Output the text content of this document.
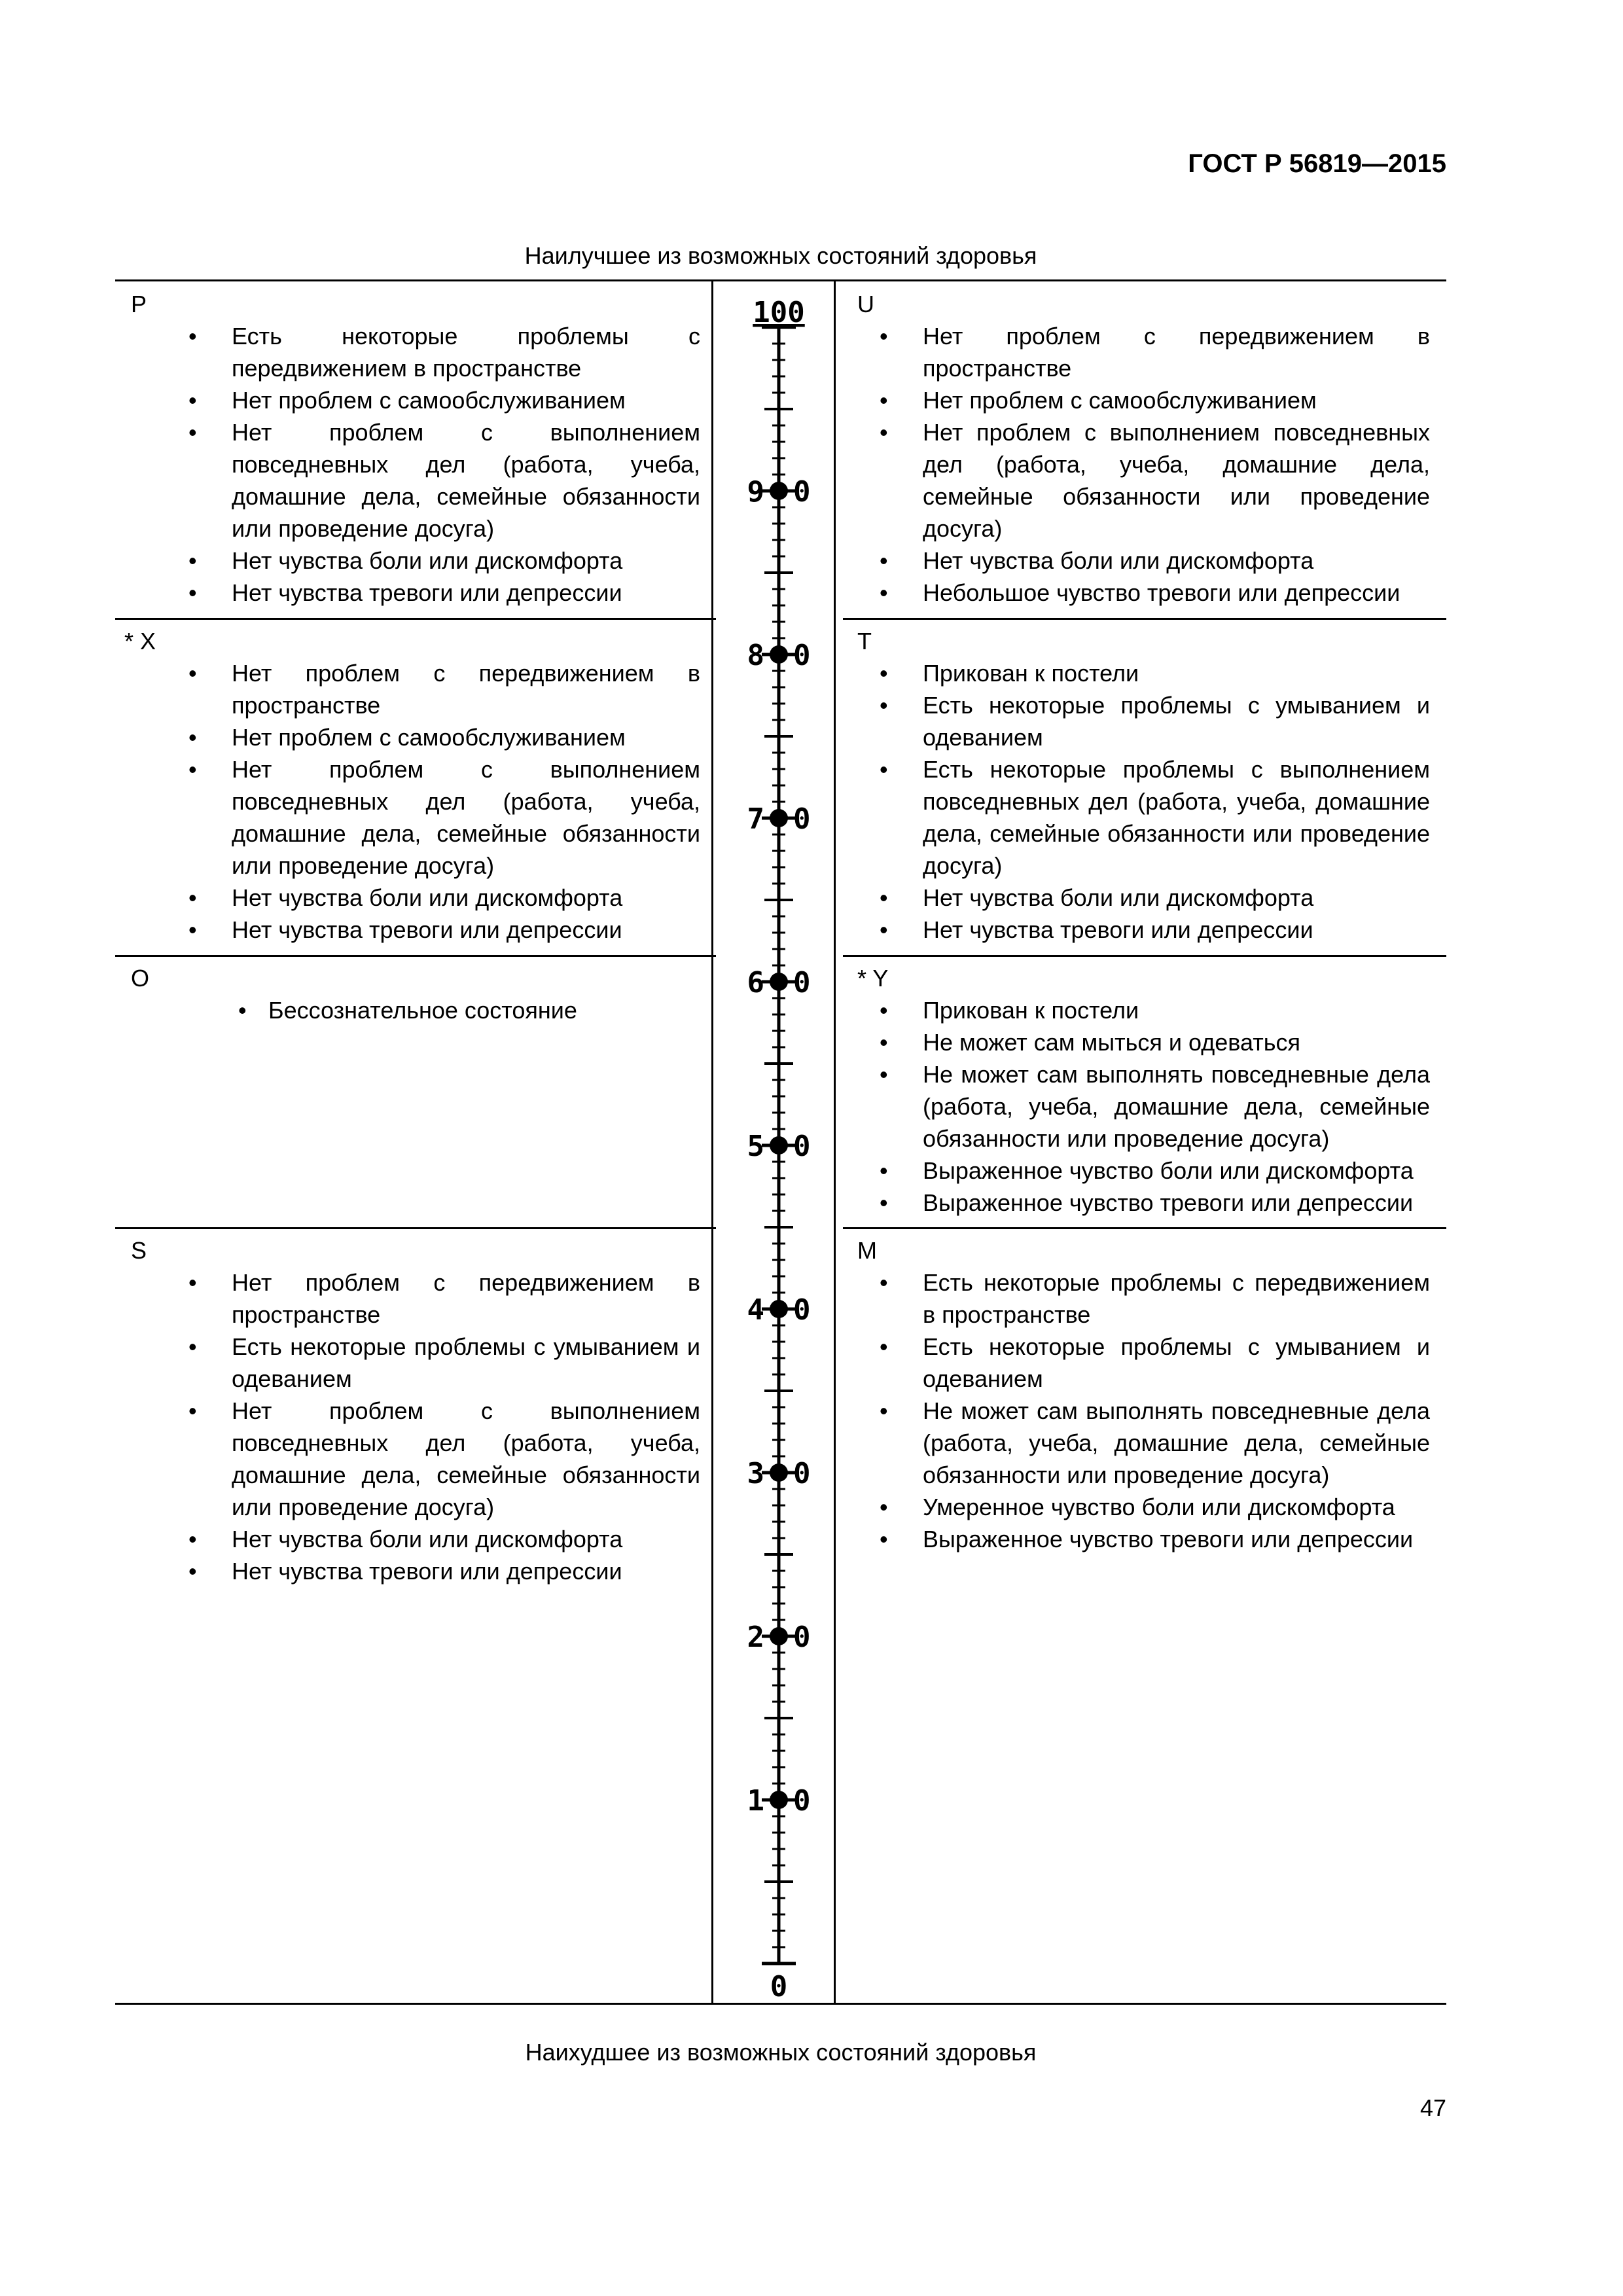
ГОСТ Р 56819—2015
Наилучшее из возможных состояний здоровья
P
• Есть некоторые проблемы с передвижением в пространстве
• Нет проблем с самообслуживанием
• Нет проблем с выполнением повседневных дел (работа, учеба, домашние дела, семейные обязанности или проведение досуга)
• Нет чувства боли или дискомфорта
• Нет чувства тревоги или депрессии
U
• Нет проблем с передвижением в пространстве
• Нет проблем с самообслуживанием
• Нет проблем с выполнением повседневных дел (работа, учеба, домашние дела, семейные обязанности или проведение досуга)
• Нет чувства боли или дискомфорта
• Небольшое чувство тревоги или депрессии
* X
• Нет проблем с передвижением в пространстве
• Нет проблем с самообслуживанием
• Нет проблем с выполнением повседневных дел (работа, учеба, домашние дела, семейные обязанности или проведение досуга)
• Нет чувства боли или дискомфорта
• Нет чувства тревоги или депрессии
T
• Прикован к постели
• Есть некоторые проблемы с умыванием и одеванием
• Есть некоторые проблемы с выполнением повседневных дел (работа, учеба, домашние дела, семейные обязанности или проведение досуга)
• Нет чувства боли или дискомфорта
• Нет чувства тревоги или депрессии
O
• Бессознательное состояние
* Y
• Прикован к постели
• Не может сам мыться и одеваться
• Не может сам выполнять повседневные дела (работа, учеба, домашние дела, семейные обязанности или проведение досуга)
• Выраженное чувство боли или дискомфорта
• Выраженное чувство тревоги или депрессии
S
• Нет проблем с передвижением в пространстве
• Есть некоторые проблемы с умыванием и одеванием
• Нет проблем с выполнением повседневных дел (работа, учеба, домашние дела, семейные обязанности или проведение досуга)
• Нет чувства боли или дискомфорта
• Нет чувства тревоги или депрессии
M
• Есть некоторые проблемы с передвижением в пространстве
• Есть некоторые проблемы с умыванием и одеванием
• Не может сам выполнять повседневные дела (работа, учеба, домашние дела, семейные обязанности или проведение досуга)
• Умеренное чувство боли или дискомфорта
• Выраженное чувство тревоги или депрессии
100
0
9 0
8 0
7 0
6 0
5 0
4 0
3 0
2 0
1 0
Наихудшее из возможных состояний здоровья
47
